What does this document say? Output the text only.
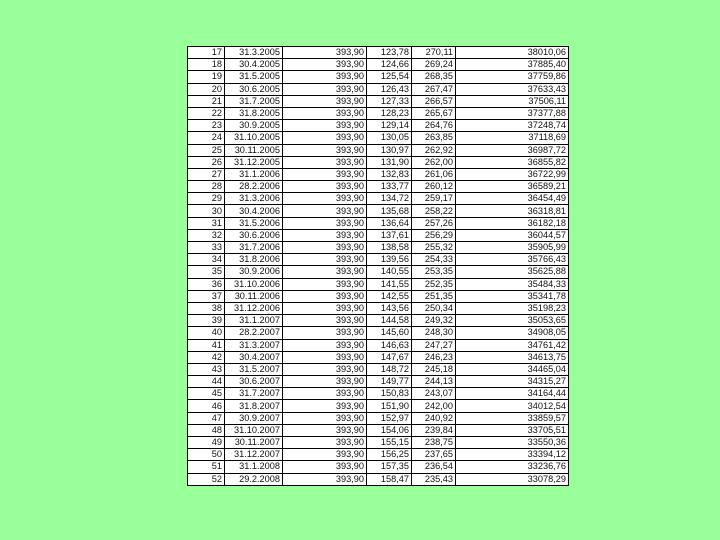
17	31.3.2005	393,90	123,78	270,11	38010,06
18	30.4.2005	393,90	124,66	269,24	37885,40
19	31.5.2005	393,90	125,54	268,35	37759,86
20	30.6.2005	393,90	126,43	267,47	37633,43
21	31.7.2005	393,90	127,33	266,57	37506,11
22	31.8.2005	393,90	128,23	265,67	37377,88
23	30.9.2005	393,90	129,14	264,76	37248,74
24	31.10.2005	393,90	130,05	263,85	37118,69
25	30.11.2005	393,90	130,97	262,92	36987,72
26	31.12.2005	393,90	131,90	262,00	36855,82
27	31.1.2006	393,90	132,83	261,06	36722,99
28	28.2.2006	393,90	133,77	260,12	36589,21
29	31.3.2006	393,90	134,72	259,17	36454,49
30	30.4.2006	393,90	135,68	258,22	36318,81
31	31.5.2006	393,90	136,64	257,26	36182,18
32	30.6.2006	393,90	137,61	256,29	36044,57
33	31.7.2006	393,90	138,58	255,32	35905,99
34	31.8.2006	393,90	139,56	254,33	35766,43
35	30.9.2006	393,90	140,55	253,35	35625,88
36	31.10.2006	393,90	141,55	252,35	35484,33
37	30.11.2006	393,90	142,55	251,35	35341,78
38	31.12.2006	393,90	143,56	250,34	35198,23
39	31.1.2007	393,90	144,58	249,32	35053,65
40	28.2.2007	393,90	145,60	248,30	34908,05
41	31.3.2007	393,90	146,63	247,27	34761,42
42	30.4.2007	393,90	147,67	246,23	34613,75
43	31.5.2007	393,90	148,72	245,18	34465,04
44	30.6.2007	393,90	149,77	244,13	34315,27
45	31.7.2007	393,90	150,83	243,07	34164,44
46	31.8.2007	393,90	151,90	242,00	34012,54
47	30.9.2007	393,90	152,97	240,92	33859,57
48	31.10.2007	393,90	154,06	239,84	33705,51
49	30.11.2007	393,90	155,15	238,75	33550,36
50	31.12.2007	393,90	156,25	237,65	33394,12
51	31.1.2008	393,90	157,35	236,54	33236,76
52	29.2.2008	393,90	158,47	235,43	33078,29
